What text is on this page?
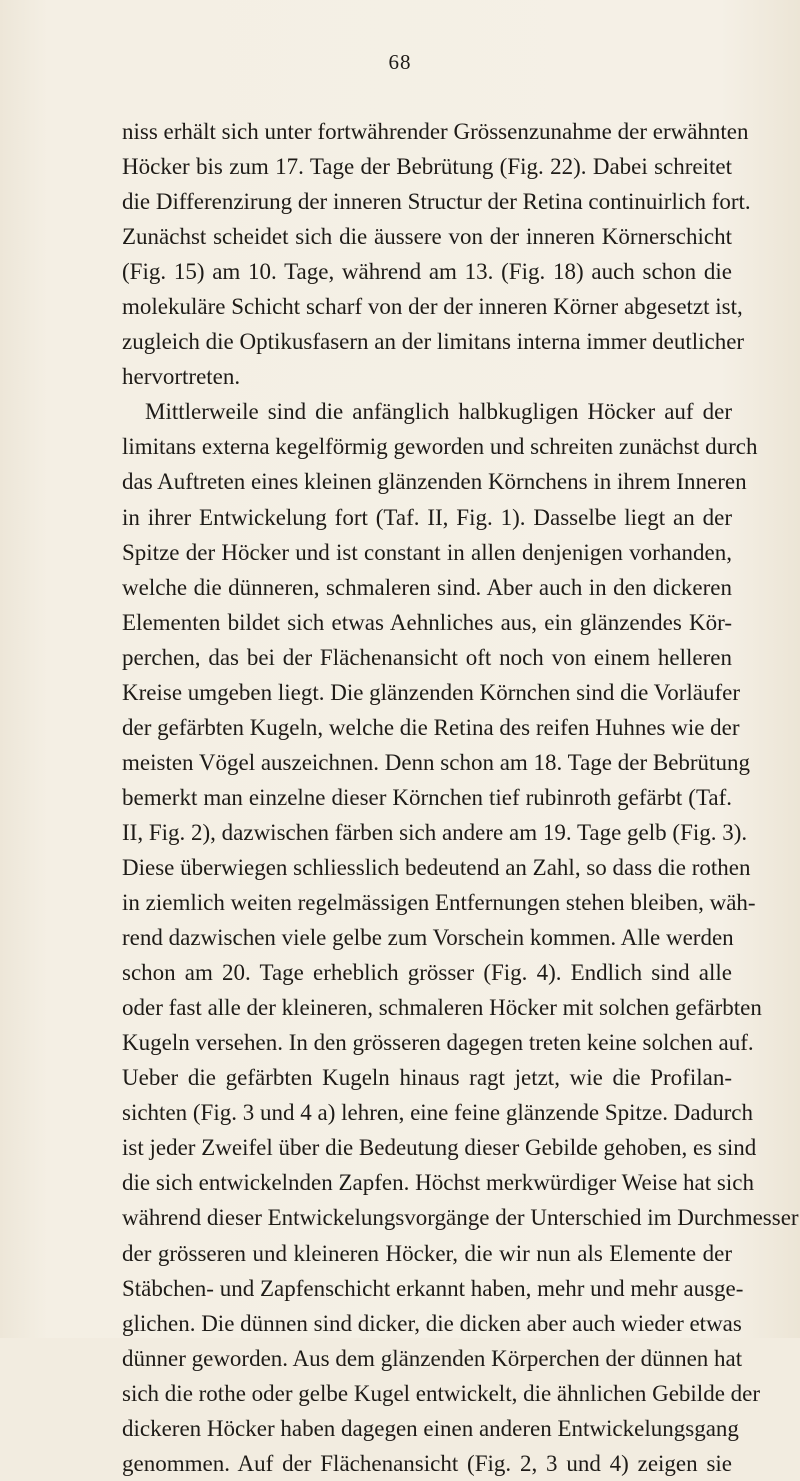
68
niss erhält sich unter fortwährender Grössenzunahme der erwähnten
Höcker bis zum 17. Tage der Bebrütung (Fig. 22). Dabei schreitet
die Differenzirung der inneren Structur der Retina continuirlich fort.
Zunächst scheidet sich die äussere von der inneren Körnerschicht
(Fig. 15) am 10. Tage, während am 13. (Fig. 18) auch schon die
molekuläre Schicht scharf von der der inneren Körner abgesetzt ist,
zugleich die Optikusfasern an der limitans interna immer deutlicher
hervortreten.
Mittlerweile sind die anfänglich halbkugligen Höcker auf der
limitans externa kegelförmig geworden und schreiten zunächst durch
das Auftreten eines kleinen glänzenden Körnchens in ihrem Inneren
in ihrer Entwickelung fort (Taf. II, Fig. 1). Dasselbe liegt an der
Spitze der Höcker und ist constant in allen denjenigen vorhanden,
welche die dünneren, schmaleren sind. Aber auch in den dickeren
Elementen bildet sich etwas Aehnliches aus, ein glänzendes Kör-
perchen, das bei der Flächenansicht oft noch von einem helleren
Kreise umgeben liegt. Die glänzenden Körnchen sind die Vorläufer
der gefärbten Kugeln, welche die Retina des reifen Huhnes wie der
meisten Vögel auszeichnen. Denn schon am 18. Tage der Bebrütung
bemerkt man einzelne dieser Körnchen tief rubinroth gefärbt (Taf.
II, Fig. 2), dazwischen färben sich andere am 19. Tage gelb (Fig. 3).
Diese überwiegen schliesslich bedeutend an Zahl, so dass die rothen
in ziemlich weiten regelmässigen Entfernungen stehen bleiben, wäh-
rend dazwischen viele gelbe zum Vorschein kommen. Alle werden
schon am 20. Tage erheblich grösser (Fig. 4). Endlich sind alle
oder fast alle der kleineren, schmaleren Höcker mit solchen gefärbten
Kugeln versehen. In den grösseren dagegen treten keine solchen auf.
Ueber die gefärbten Kugeln hinaus ragt jetzt, wie die Profilan-
sichten (Fig. 3 und 4 a) lehren, eine feine glänzende Spitze. Dadurch
ist jeder Zweifel über die Bedeutung dieser Gebilde gehoben, es sind
die sich entwickelnden Zapfen. Höchst merkwürdiger Weise hat sich
während dieser Entwickelungsvorgänge der Unterschied im Durchmesser
der grösseren und kleineren Höcker, die wir nun als Elemente der
Stäbchen- und Zapfenschicht erkannt haben, mehr und mehr ausge-
glichen. Die dünnen sind dicker, die dicken aber auch wieder etwas
dünner geworden. Aus dem glänzenden Körperchen der dünnen hat
sich die rothe oder gelbe Kugel entwickelt, die ähnlichen Gebilde der
dickeren Höcker haben dagegen einen anderen Entwickelungsgang
genommen. Auf der Flächenansicht (Fig. 2, 3 und 4) zeigen sie
